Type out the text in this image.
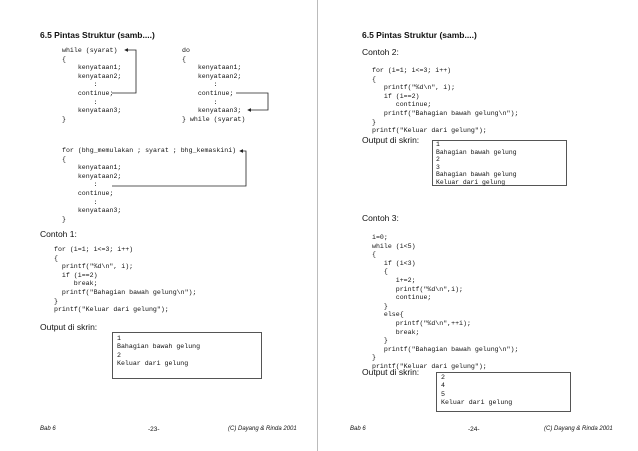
6.5 Pintas Struktur (samb....)
while (syarat)
{
kenyataan1;
kenyataan2;
:
continue;
:
kenyataan3;
}
do
{
kenyataan1;
kenyataan2;
:
continue;
:
kenyataan3;
} while (syarat)
for (bhg_memulakan ; syarat ; bhg_kemaskini)
{
kenyataan1;
kenyataan2;
:
continue;
:
kenyataan3;
}
Contoh 1:
for (i=1; i<=3; i++)
{
printf("%d\n", i);
if (i==2)
break;
printf("Bahagian bawah gelung\n");
}
printf("Keluar dari gelung");
Output di skrin:
1
Bahagian bawah gelung
2
Keluar dari gelung
Bab 6	-23-	(C) Dayang & Rinda 2001
6.5 Pintas Struktur (samb....)
Contoh 2:
for (i=1; i<=3; i++)
{
printf("%d\n", i);
if (i==2)
continue;
printf("Bahagian bawah gelung\n");
}
printf("Keluar dari gelung");
Output di skrin:	1
Bahagian bawah gelung
2
3
Bahagian bawah gelung
Keluar dari gelung
Contoh 3:
i=0;
while (i<5)
{
if (i<3)
{
i+=2;
printf("%d\n",i);
continue;
}
else{
printf("%d\n",++i);
break;
}
printf("Bahagian bawah gelung\n");
}
printf("Keluar dari gelung");
Output di skrin:
2
4
5
Keluar dari gelung
Bab 6	-24-	(C) Dayang & Rinda 2001
